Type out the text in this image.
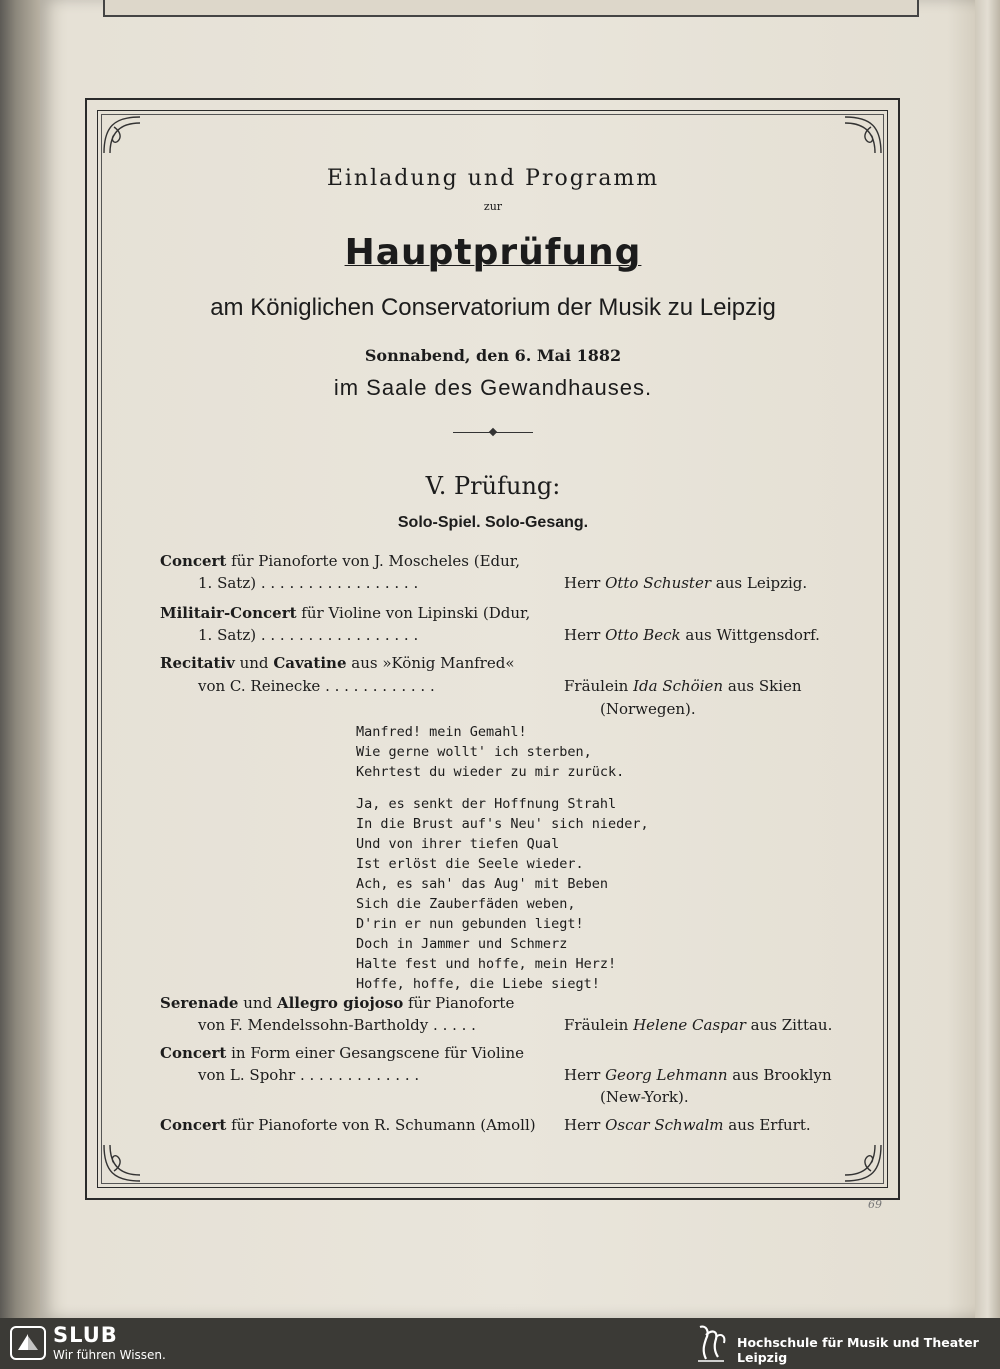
Einladung und Programm
zur
Hauptprüfung
am Königlichen Conservatorium der Musik zu Leipzig
Sonnabend, den 6. Mai 1882
im Saale des Gewandhauses.
V. Prüfung:
Solo-Spiel. Solo-Gesang.
Concert für Pianoforte von J. Moscheles (Edur,
1. Satz) . . . . . . . . . . . . . . . . .	Herr Otto Schuster aus Leipzig.
Militair-Concert für Violine von Lipinski (Ddur,
1. Satz) . . . . . . . . . . . . . . . . .	Herr Otto Beck aus Wittgensdorf.
Recitativ und Cavatine aus »König Manfred«
von C. Reinecke . . . . . . . . . . . .	Fräulein Ida Schöien aus Skien
(Norwegen).
Manfred! mein Gemahl!
Wie gerne wollt' ich sterben,
Kehrtest du wieder zu mir zurück.
Ja, es senkt der Hoffnung Strahl
In die Brust auf's Neu' sich nieder,
Und von ihrer tiefen Qual
Ist erlöst die Seele wieder.
Ach, es sah' das Aug' mit Beben
Sich die Zauberfäden weben,
D'rin er nun gebunden liegt!
Doch in Jammer und Schmerz
Halte fest und hoffe, mein Herz!
Hoffe, hoffe, die Liebe siegt!
Serenade und Allegro giojoso für Pianoforte
von F. Mendelssohn-Bartholdy . . . . .	Fräulein Helene Caspar aus Zittau.
Concert in Form einer Gesangscene für Violine
von L. Spohr . . . . . . . . . . . . .	Herr Georg Lehmann aus Brooklyn
(New-York).
Concert für Pianoforte von R. Schumann (Amoll) Herr Oscar Schwalm aus Erfurt.
69
SLUB
Wir führen Wissen.
Hochschule für Musik und Theater Leipzig
